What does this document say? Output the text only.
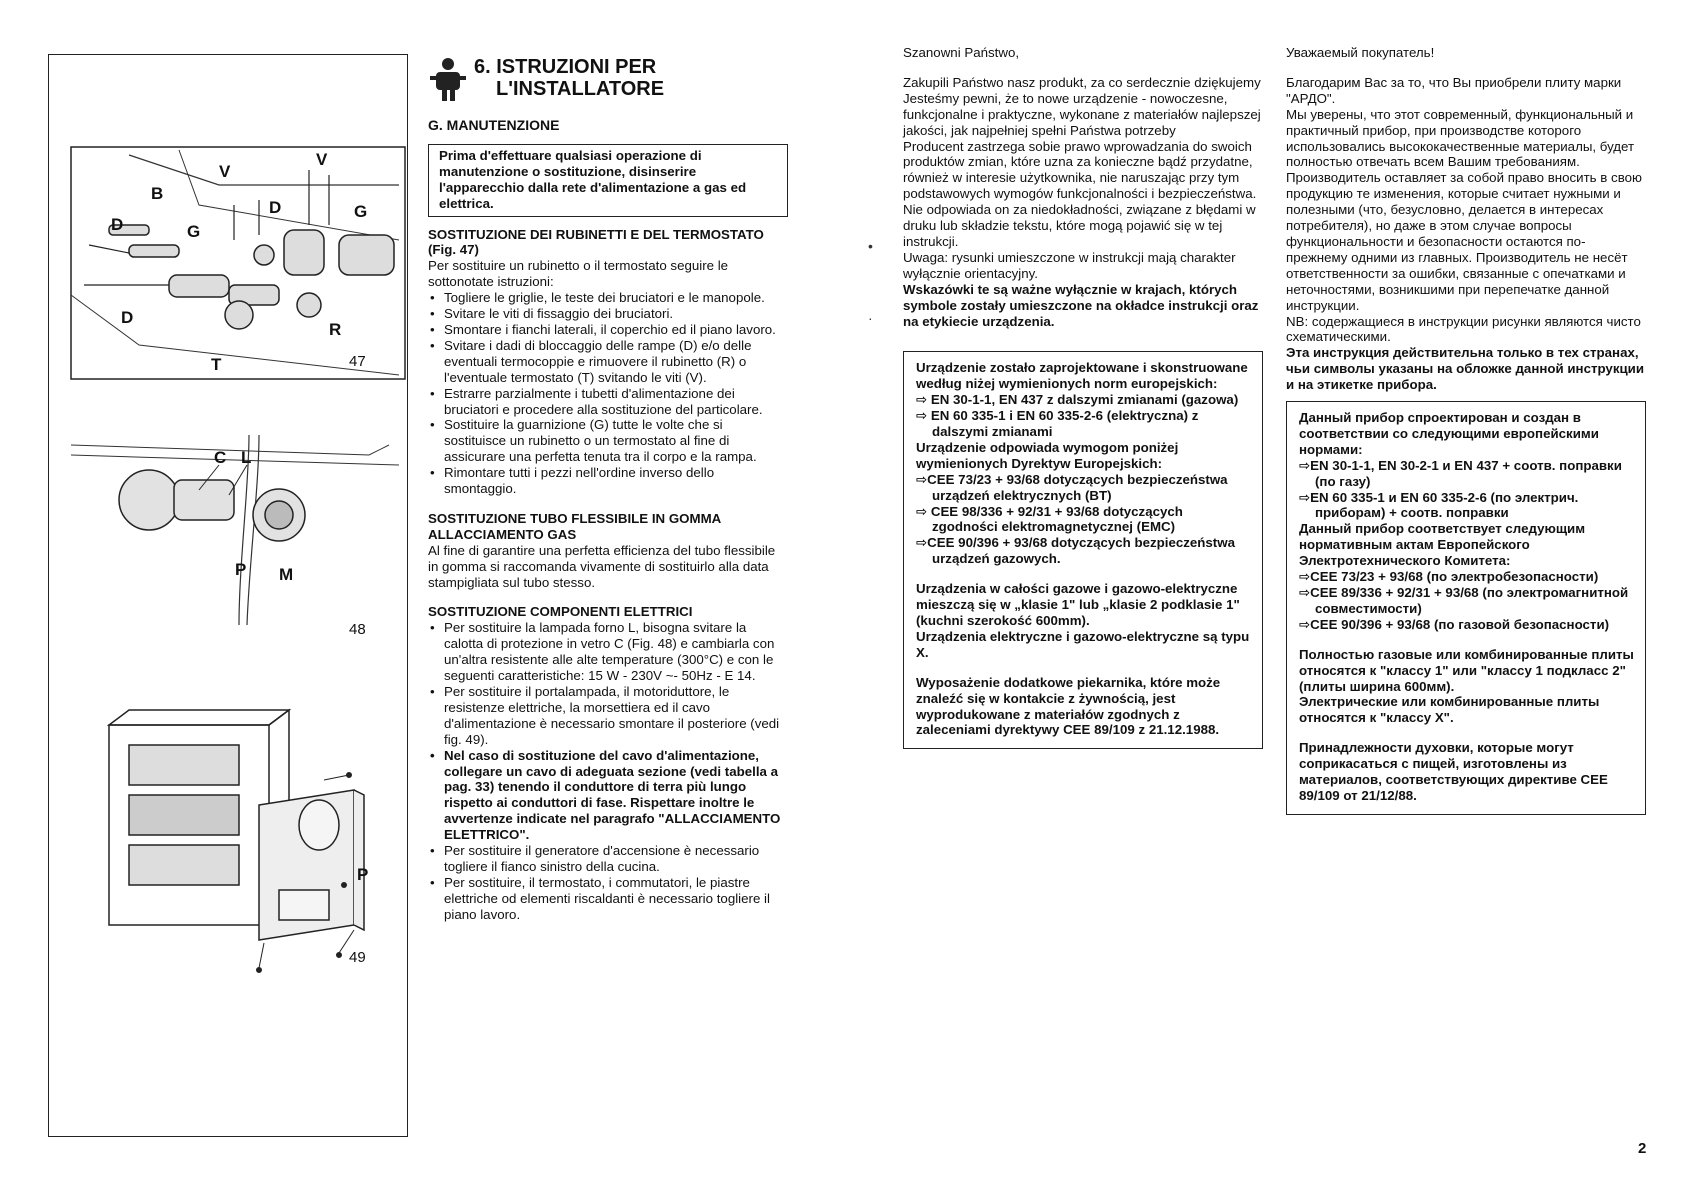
B
V
V
D
G
D
G
D
T
R
47
C L
P M
48
P
49
6. ISTRUZIONI PER
L'INSTALLATORE
G. MANUTENZIONE
Prima d'effettuare qualsiasi operazione di manutenzione o sostituzione, disinserire l'apparecchio dalla rete d'alimentazione a gas ed elettrica.
SOSTITUZIONE DEI RUBINETTI E DEL TERMOSTATO (Fig. 47)

Per sostituire un rubinetto o il termostato seguire le sottonotate istruzioni:

• Togliere le griglie, le teste dei bruciatori e le manopole.
• Svitare le viti di fissaggio dei bruciatori.
• Smontare i fianchi laterali, il coperchio ed il piano lavoro.
• Svitare i dadi di bloccaggio delle rampe (D) e/o delle eventuali termocoppie e rimuovere il rubinetto (R) o l'eventuale termostato (T) svitando le viti (V).
• Estrarre parzialmente i tubetti d'alimentazione dei bruciatori e procedere alla sostituzione del particolare.
• Sostituire la guarnizione (G) tutte le volte che si sostituisce un rubinetto o un termostato al fine di assicurare una perfetta tenuta tra il corpo e la rampa.
• Rimontare tutti i pezzi nell'ordine inverso dello smontaggio.
SOSTITUZIONE TUBO FLESSIBILE IN GOMMA ALLACCIAMENTO GAS

Al fine di garantire una perfetta efficienza del tubo flessibile in gomma si raccomanda vivamente di sostituirlo alla data stampigliata sul tubo stesso.

SOSTITUZIONE COMPONENTI ELETTRICI
• Per sostituire la lampada forno L, bisogna svitare la calotta di protezione in vetro C (Fig. 48) e cambiarla con un'altra resistente alle alte temperature (300°C) e con le seguenti caratteristiche: 15 W - 230V ~- 50Hz - E 14.
• Per sostituire il portalampada, il motoriduttore, le resistenze elettriche, la morsettiera ed il cavo d'alimentazione è necessario smontare il posteriore (vedi fig. 49).
• Nel caso di sostituzione del cavo d'alimentazione, collegare un cavo di adeguata sezione (vedi tabella a pag. 33) tenendo il conduttore di terra più lungo rispetto ai conduttori di fase. Rispettare inoltre le avvertenze indicate nel paragrafo "ALLACCIAMENTO ELETTRICO".
• Per sostituire il generatore d'accensione è necessario togliere il fianco sinistro della cucina.
• Per sostituire, il termostato, i commutatori, le piastre elettriche od elementi riscaldanti è necessario togliere il piano lavoro.
•
·

Szanowni Państwo,

Zakupili Państwo nasz produkt, za co serdecznie dziękujemy

Jesteśmy pewni, że to nowe urządzenie - nowoczesne, funkcjonalne i praktyczne, wykonane z materiałów najlepszej jakości, jak najpełniej spełni Państwa potrzeby

Producent zastrzega sobie prawo wprowadzania do swoich produktów zmian, które uzna za konieczne bądź przydatne, również w interesie użytkownika, nie naruszając przy tym podstawowych wymogów funkcjonalności i bezpieczeństwa. Nie odpowiada on za niedokładności, związane z błędami w druku lub składzie tekstu, które mogą pojawić się w tej instrukcji.

Uwaga: rysunki umieszczone w instrukcji mają charakter wyłącznie orientacyjny.

Wskazówki te są ważne wyłącznie w krajach, których symbole zostały umieszczone na okładce instrukcji oraz na etykiecie urządzenia.

Urządzenie zostało zaprojektowane i skonstruowane według niżej wymienionych norm europejskich:

⇨ EN 30-1-1, EN 437 z dalszymi zmianami (gazowa)

⇨ EN 60 335-1 i EN 60 335-2-6 (elektryczna) z dalszymi zmianami

Urządzenie odpowiada wymogom poniżej wymienionych Dyrektyw Europejskich:

⇨CEE 73/23 + 93/68 dotyczących bezpieczeństwa urządzeń elektrycznych (BT)

⇨ CEE 98/336 + 92/31 + 93/68 dotyczących zgodności elektromagnetycznej (EMC)

⇨CEE 90/396 + 93/68 dotyczących bezpieczeństwa urządzeń gazowych.

Urządzenia w całości gazowe i gazowo-elektryczne mieszczą się w „klasie 1" lub „klasie 2 podklasie 1" (kuchni szerokość 600mm).

Urządzenia elektryczne i gazowo-elektryczne są typu X.

Wyposażenie dodatkowe piekarnika, które może znaleźć się w kontakcie z żywnością, jest wyprodukowane z materiałów zgodnych z zaleceniami dyrektywy CEE 89/109 z 21.12.1988.

Уважаемый покупатель!

Благодарим Вас за то, что Вы приобрели плиту марки "АРДО".

Мы уверены, что этот современный, функциональный и практичный прибор, при производстве которого использовались высококачественные материалы, будет полностью отвечать всем Вашим требованиям.

Производитель оставляет за собой право вносить в свою продукцию те изменения, которые считает нужными и полезными (что, безусловно, делается в интересах потребителя), но даже в этом случае вопросы функциональности и безопасности остаются по-прежнему одними из главных. Производитель не несёт ответственности за ошибки, связанные с опечатками и неточностями, возникшими при перепечатке данной инструкции.

NB: содержащиеся в инструкции рисунки являются чисто схематическими.

Эта инструкция действительна только в тех странах, чьи символы указаны на обложке данной инструкции и на этикетке прибора.

Данный прибор спроектирован и создан в соответствии со следующими европейскими нормами:

⇨EN 30-1-1, EN 30-2-1 и EN 437 + соотв. поправки (по газу)

⇨EN 60 335-1 и EN 60 335-2-6 (по электрич. приборам) + соотв. поправки

Данный прибор соответствует следующим нормативным актам Европейского Электротехнического Комитета:

⇨CEE 73/23 + 93/68 (по электробезопасности)

⇨CEE 89/336 + 92/31 + 93/68 (по электромагнитной совместимости)

⇨CEE 90/396 + 93/68 (по газовой безопасности)

Полностью газовые или комбинированные плиты относятся к "классу 1" или "классу 1 подкласс 2" (плиты ширина 600мм).

Электрические или комбинированные плиты относятся к "классу X".

Принадлежности духовки, которые могут соприкасаться с пищей, изготовлены из материалов, соответствующих директиве CEE 89/109 от 21/12/88.

2
